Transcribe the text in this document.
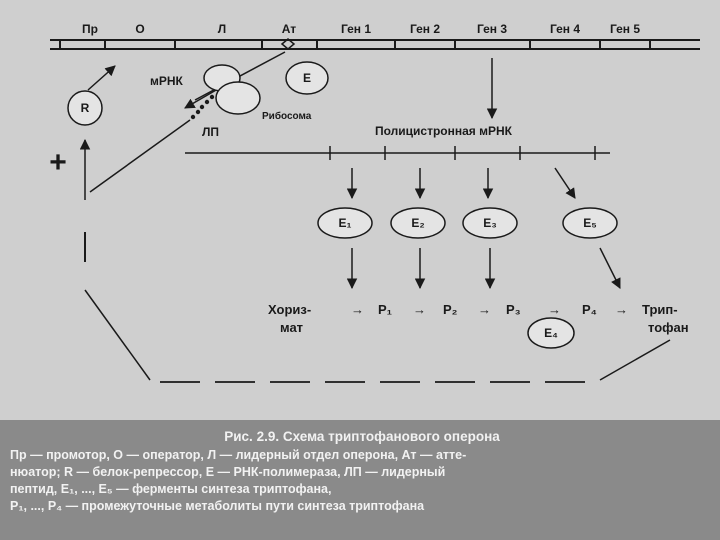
Пр	О	Л	Ат	Ген 1	Ген 2	Ген 3	Ген 4 Ген 5
R
+
мРНК
ЛП
Рибосома
E
Полицистронная мРНК
E₁	E₂	E₃	E₅
Хориз-
мат
→ P₁ → P₂ → P₃ → P₄ → Трип-
тофан
E₄
Рис. 2.9. Схема триптофанового оперона
Пр — промотор, О — оператор, Л — лидерный отдел оперона, Ат — атте-
нюатор; R — белок-репрессор, Е — РНК-полимераза, ЛП — лидерный
пептид, E₁, ..., E₅ — ферменты синтеза триптофана,
P₁, ..., P₄ — промежуточные метаболиты пути синтеза триптофана
